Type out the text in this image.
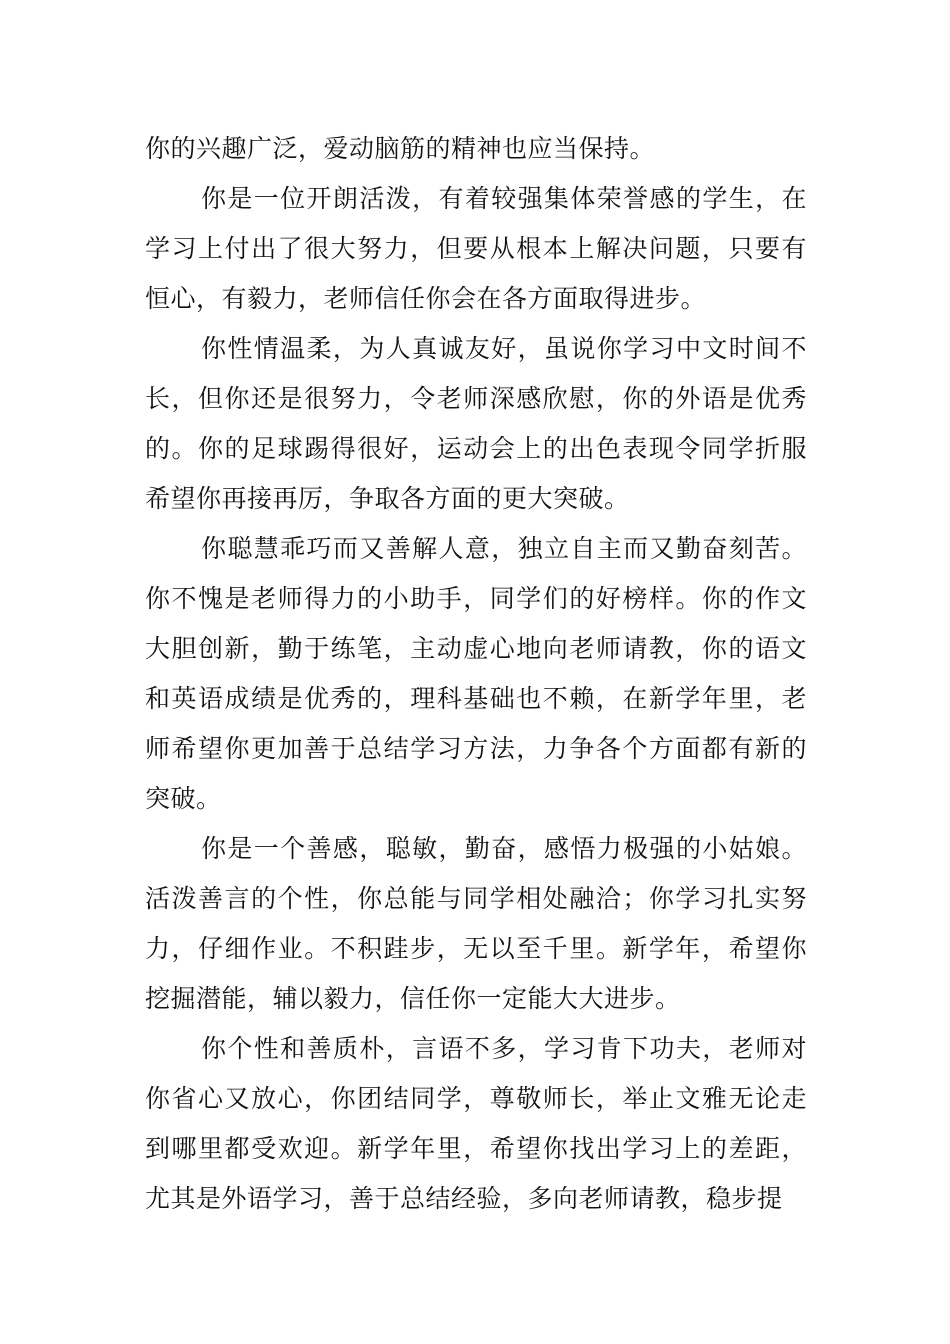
你的兴趣广泛，爱动脑筋的精神也应当保持。

你是一位开朗活泼，有着较强集体荣誉感的学生，在学习上付出了很大努力，但要从根本上解决问题，只要有恒心，有毅力，老师信任你会在各方面取得进步。

你性情温柔，为人真诚友好，虽说你学习中文时间不长，但你还是很努力，令老师深感欣慰，你的外语是优秀的。你的足球踢得很好，运动会上的出色表现令同学折服希望你再接再厉，争取各方面的更大突破。

你聪慧乖巧而又善解人意，独立自主而又勤奋刻苦。你不愧是老师得力的小助手，同学们的好榜样。你的作文大胆创新，勤于练笔，主动虚心地向老师请教，你的语文和英语成绩是优秀的，理科基础也不赖，在新学年里，老师希望你更加善于总结学习方法，力争各个方面都有新的突破。

你是一个善感，聪敏，勤奋，感悟力极强的小姑娘。活泼善言的个性，你总能与同学相处融洽；你学习扎实努力，仔细作业。不积跬步，无以至千里。新学年，希望你挖掘潜能，辅以毅力，信任你一定能大大进步。

你个性和善质朴，言语不多，学习肯下功夫，老师对你省心又放心，你团结同学，尊敬师长，举止文雅无论走到哪里都受欢迎。新学年里，希望你找出学习上的差距，尤其是外语学习，善于总结经验，多向老师请教，稳步提
